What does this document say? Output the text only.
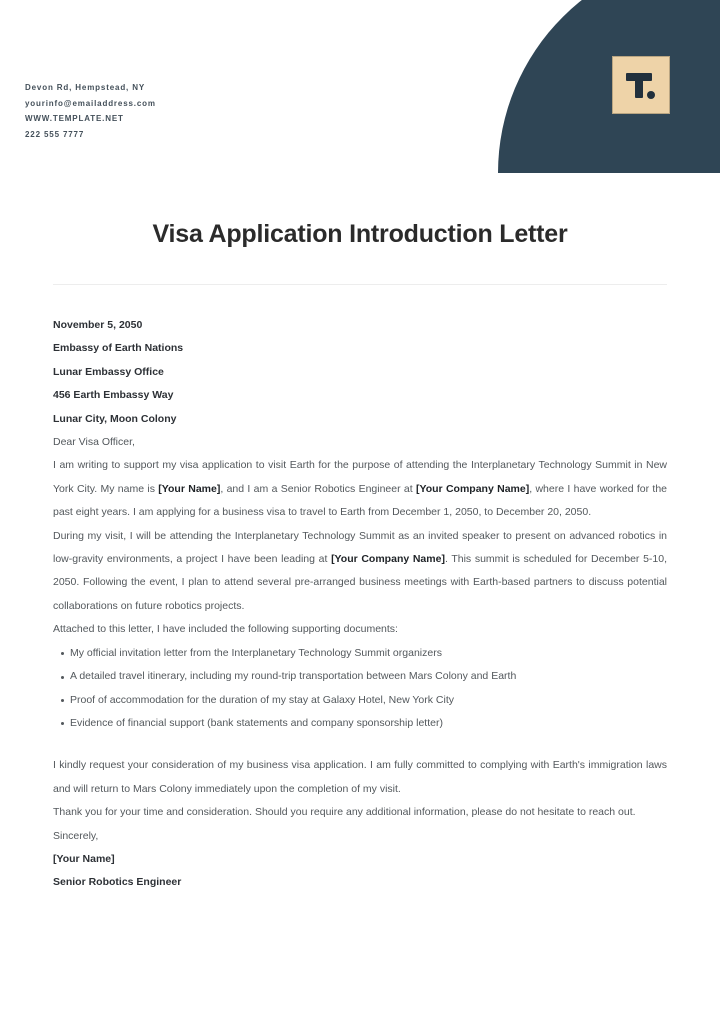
Devon Rd, Hempstead, NY
yourinfo@emailaddress.com
WWW.TEMPLATE.NET
222 555 7777
Visa Application Introduction Letter
November 5, 2050
Embassy of Earth Nations
Lunar Embassy Office
456 Earth Embassy Way
Lunar City, Moon Colony
Dear Visa Officer,

I am writing to support my visa application to visit Earth for the purpose of attending the Interplanetary Technology Summit in New York City. My name is [Your Name], and I am a Senior Robotics Engineer at [Your Company Name], where I have worked for the past eight years. I am applying for a business visa to travel to Earth from December 1, 2050, to December 20, 2050.

During my visit, I will be attending the Interplanetary Technology Summit as an invited speaker to present on advanced robotics in low-gravity environments, a project I have been leading at [Your Company Name]. This summit is scheduled for December 5-10, 2050. Following the event, I plan to attend several pre-arranged business meetings with Earth-based partners to discuss potential collaborations on future robotics projects.

Attached to this letter, I have included the following supporting documents:
My official invitation letter from the Interplanetary Technology Summit organizers
A detailed travel itinerary, including my round-trip transportation between Mars Colony and Earth
Proof of accommodation for the duration of my stay at Galaxy Hotel, New York City
Evidence of financial support (bank statements and company sponsorship letter)

I kindly request your consideration of my business visa application. I am fully committed to complying with Earth's immigration laws and will return to Mars Colony immediately upon the completion of my visit.

Thank you for your time and consideration. Should you require any additional information, please do not hesitate to reach out.

Sincerely,
[Your Name]
Senior Robotics Engineer
